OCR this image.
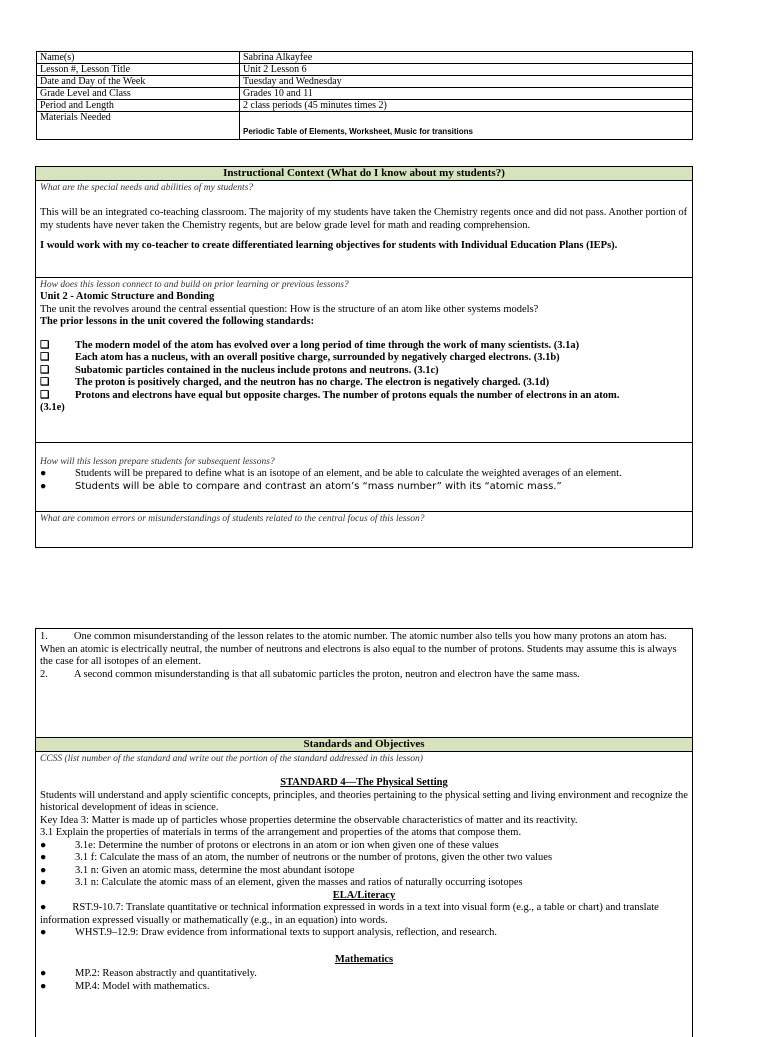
Name(s)	Sabrina Alkayfee
Lesson #, Lesson Title	Unit 2 Lesson 6
Date and Day of the Week	Tuesday and Wednesday
Grade Level and Class	Grades 10 and 11
Period and Length	2 class periods (45 minutes times 2)
Materials Needed	Periodic Table of Elements, Worksheet, Music for transitions
Instructional Context (What do I know about my students?)

What are the special needs and abilities of my students?

This will be an integrated co-teaching classroom. The majority of my students have taken the Chemistry regents once and did not pass. Another portion of my students have never taken the Chemistry regents, but are below grade level for math and reading comprehension.

I would work with my co-teacher to create differentiated learning objectives for students with Individual Education Plans (IEPs).

How does this lesson connect to and build on prior learning or previous lessons?

Unit 2 - Atomic Structure and Bonding

The unit the revolves around the central essential question: How is the structure of an atom like other systems models?

The prior lessons in the unit covered the following standards:

❑	The modern model of the atom has evolved over a long period of time through the work of many scientists. (3.1a)
❑	Each atom has a nucleus, with an overall positive charge, surrounded by negatively charged electrons. (3.1b)
❑	Subatomic particles contained in the nucleus include protons and neutrons. (3.1c)
❑	The proton is positively charged, and the neutron has no charge. The electron is negatively charged. (3.1d)
❑	Protons and electrons have equal but opposite charges. The number of protons equals the number of electrons in an atom.

(3.1e)

How will this lesson prepare students for subsequent lessons?

●	Students will be prepared to define what is an isotope of an element, and be able to calculate the weighted averages of an element.
●	Students will be able to compare and contrast an atom’s “mass number” with its “atomic mass.”

What are common errors or misunderstandings of students related to the central focus of this lesson?

1. One common misunderstanding of the lesson relates to the atomic number. The atomic number also tells you how many protons an atom has. When an atomic is electrically neutral, the number of neutrons and electrons is also equal to the number of protons. Students may assume this is always the case for all isotopes of an element.

2. A second common misunderstanding is that all subatomic particles the proton, neutron and electron have the same mass.

Standards and Objectives

CCSS (list number of the standard and write out the portion of the standard addressed in this lesson)

STANDARD 4—The Physical Setting

Students will understand and apply scientific concepts, principles, and theories pertaining to the physical setting and living environment and recognize the historical development of ideas in science.

Key Idea 3: Matter is made up of particles whose properties determine the observable characteristics of matter and its reactivity.

3.1 Explain the properties of materials in terms of the arrangement and properties of the atoms that compose them.

●	3.1e: Determine the number of protons or electrons in an atom or ion when given one of these values
●	3.1 f: Calculate the mass of an atom, the number of neutrons or the number of protons, given the other two values
●	3.1 n: Given an atomic mass, determine the most abundant isotope
●	3.1 n: Calculate the atomic mass of an element, given the masses and ratios of naturally occurring isotopes

ELA/Literacy

● RST.9-10.7: Translate quantitative or technical information expressed in words in a text into visual form (e.g., a table or chart) and translate information expressed visually or mathematically (e.g., in an equation) into words.

●	WHST.9–12.9: Draw evidence from informational texts to support analysis, reflection, and research.

Mathematics

●	MP.2: Reason abstractly and quantitatively.
●	MP.4: Model with mathematics.
